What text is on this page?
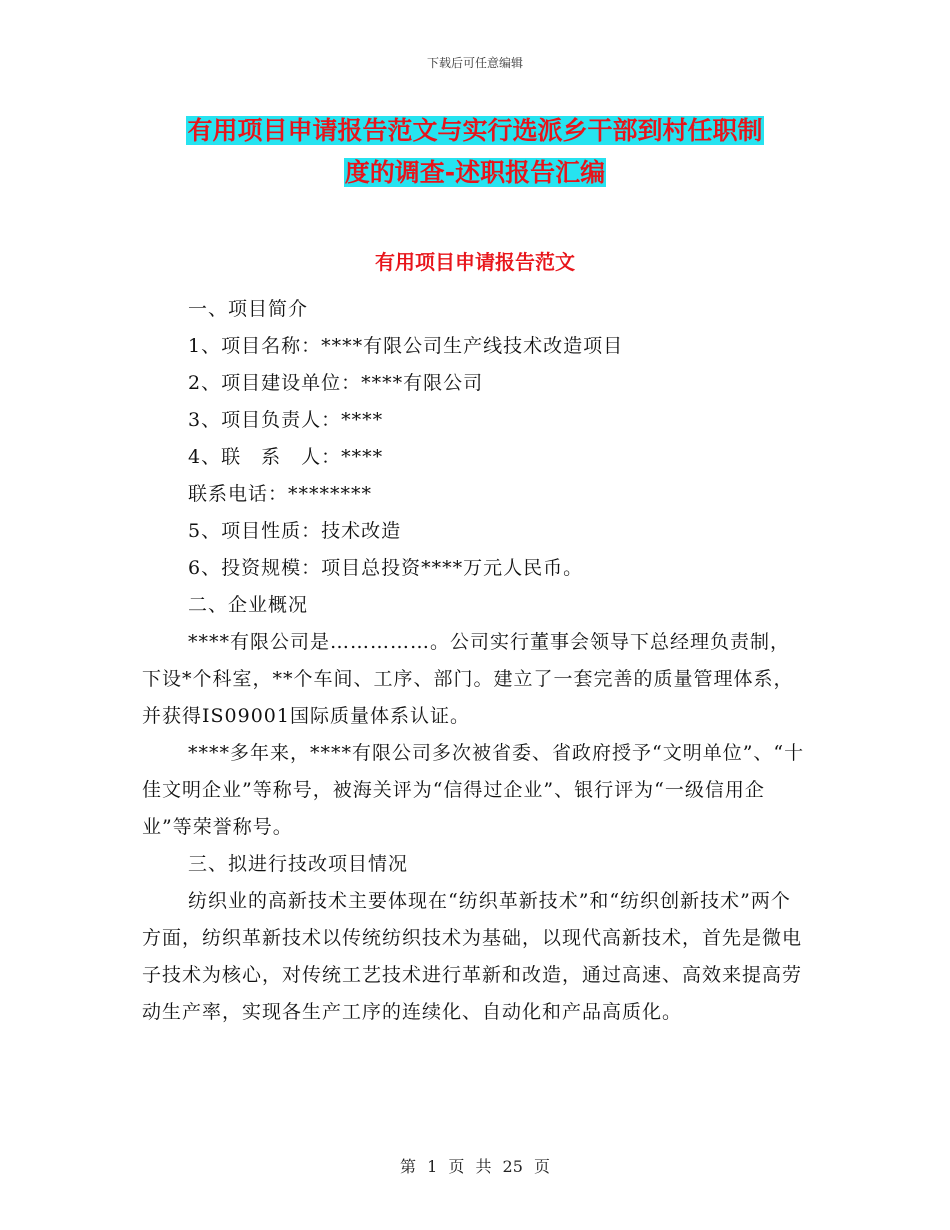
下载后可任意编辑
有用项目申请报告范文与实行选派乡干部到村任职制
度的调查-述职报告汇编
有用项目申请报告范文

一、项目简介

1、项目名称：****有限公司生产线技术改造项目

2、项目建设单位：****有限公司

3、项目负责人：****

4、联　系　人：****

联系电话：********

5、项目性质：技术改造

6、投资规模：项目总投资****万元人民币。

二、企业概况

****有限公司是……………。公司实行董事会领导下总经理负责制，下设*个科室，**个车间、工序、部门。建立了一套完善的质量管理体系，并获得IS09001国际质量体系认证。

****多年来，****有限公司多次被省委、省政府授予“文明单位”、“十佳文明企业”等称号，被海关评为“信得过企业”、银行评为“一级信用企业”等荣誉称号。

三、拟进行技改项目情况

纺织业的高新技术主要体现在“纺织革新技术”和“纺织创新技术”两个方面，纺织革新技术以传统纺织技术为基础，以现代高新技术，首先是微电子技术为核心，对传统工艺技术进行革新和改造，通过高速、高效来提高劳动生产率，实现各生产工序的连续化、自动化和产品高质化。

第 1 页 共 25 页
